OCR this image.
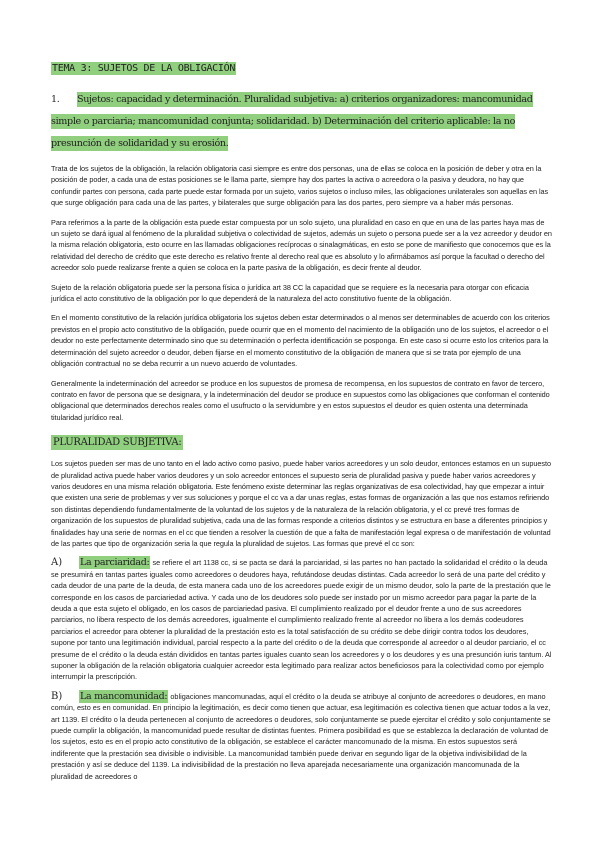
TEMA 3: SUJETOS DE LA OBLIGACIÓN
1. Sujetos: capacidad y determinación. Pluralidad subjetiva: a) criterios organizadores: mancomunidad simple o parciaria; mancomunidad conjunta; solidaridad. b) Determinación del criterio aplicable: la no presunción de solidaridad y su erosión.

Trata de los sujetos de la obligación, la relación obligatoria casi siempre es entre dos personas, una de ellas se coloca en la posición de deber y otra en la posición de poder, a cada una de estas posiciones se le llama parte, siempre hay dos partes la activa o acreedora o la pasiva y deudora, no hay que confundir partes con persona, cada parte puede estar formada por un sujeto, varios sujetos o incluso miles, las obligaciones unilaterales son aquellas en las que surge obligación para cada una de las partes, y bilaterales que surge obligación para las dos partes, pero siempre va a haber más personas.

Para referirnos a la parte de la obligación esta puede estar compuesta por un solo sujeto, una pluralidad en caso en que en una de las partes haya mas de un sujeto se dará igual al fenómeno de la pluralidad subjetiva o colectividad de sujetos, además un sujeto o persona puede ser a la vez acreedor y deudor en la misma relación obligatoria, esto ocurre en las llamadas obligaciones recíprocas o sinalagmáticas, en esto se pone de manifiesto que conocemos que es la relatividad del derecho de crédito que este derecho es relativo frente al derecho real que es absoluto y lo afirmábamos así porque la facultad o derecho del acreedor solo puede realizarse frente a quien se coloca en la parte pasiva de la obligación, es decir frente al deudor.

Sujeto de la relación obligatoria puede ser la persona física o jurídica art 38 CC la capacidad que se requiere es la necesaria para otorgar con eficacia jurídica el acto constitutivo de la obligación por lo que dependerá de la naturaleza del acto constitutivo fuente de la obligación.

En el momento constitutivo de la relación jurídica obligatoria los sujetos deben estar determinados o al menos ser determinables de acuerdo con los criterios previstos en el propio acto constitutivo de la obligación, puede ocurrir que en el momento del nacimiento de la obligación uno de los sujetos, el acreedor o el deudor no este perfectamente determinado sino que su determinación o perfecta identificación se posponga. En este caso si ocurre esto los criterios para la determinación del sujeto acreedor o deudor, deben fijarse en el momento constitutivo de la obligación de manera que si se trata por ejemplo de una obligación contractual no se deba recurrir a un nuevo acuerdo de voluntades.

Generalmente la indeterminación del acreedor se produce en los supuestos de promesa de recompensa, en los supuestos de contrato en favor de tercero, contrato en favor de persona que se designara, y la indeterminación del deudor se produce en supuestos como las obligaciones que conforman el contenido obligacional que determinados derechos reales como el usufructo o la servidumbre y en estos supuestos el deudor es quien ostenta una determinada titularidad jurídico real.

PLURALIDAD SUBJETIVA:

Los sujetos pueden ser mas de uno tanto en el lado activo como pasivo, puede haber varios acreedores y un solo deudor, entonces estamos en un supuesto de pluralidad activa puede haber varios deudores y un solo acreedor entonces el supuesto seria de pluralidad pasiva y puede haber varios acreedores y varios deudores en una misma relación obligatoria. Este fenómeno existe determinar las reglas organizativas de esa colectividad, hay que empezar a intuir que existen una serie de problemas y ver sus soluciones y porque el cc va a dar unas reglas, estas formas de organización a las que nos estamos refiriendo son distintas dependiendo fundamentalmente de la voluntad de los sujetos y de la naturaleza de la relación obligatoria, y el cc prevé tres formas de organización de los supuestos de pluralidad subjetiva, cada una de las formas responde a criterios distintos y se estructura en base a diferentes principios y finalidades hay una serie de normas en el cc que tienden a resolver la cuestión de que a falta de manifestación legal expresa o de manifestación de voluntad de las partes que tipo de organización seria la que regula la pluralidad de sujetos. Las formas que prevé el cc son:

A) La parciaridad: se refiere el art 1138 cc, si se pacta se dará la parciaridad, si las partes no han pactado la solidaridad el crédito o la deuda se presumirá en tantas partes iguales como acreedores o deudores haya, refutándose deudas distintas. Cada acreedor lo será de una parte del crédito y cada deudor de una parte de la deuda, de esta manera cada uno de los acreedores puede exigir de un mismo deudor, solo la parte de la prestación que le corresponde en los casos de parciariedad activa. Y cada uno de los deudores solo puede ser instado por un mismo acreedor para pagar la parte de la deuda a que esta sujeto el obligado, en los casos de parciariedad pasiva. El cumplimiento realizado por el deudor frente a uno de sus acreedores parciarios, no libera respecto de los demás acreedores, igualmente el cumplimiento realizado frente al acreedor no libera a los demás codeudores parciarios el acreedor para obtener la pluralidad de la prestación esto es la total satisfacción de su crédito se debe dirigir contra todos los deudores, supone por tanto una legitimación individual, parcial respecto a la parte del crédito o de la deuda que corresponde al acreedor o al deudor parciario, el cc presume de el crédito o la deuda están divididos en tantas partes iguales cuanto sean los acreedores y o los deudores y es una presunción iuris tantum. Al suponer la obligación de la relación obligatoria cualquier acreedor esta legitimado para realizar actos beneficiosos para la colectividad como por ejemplo interrumpir la prescripción.
B) La mancomunidad: obligaciones mancomunadas, aquí el crédito o la deuda se atribuye al conjunto de acreedores o deudores, en mano común, esto es en comunidad. En principio la legitimación, es decir como tienen que actuar, esa legitimación es colectiva tienen que actuar todos a la vez, art 1139. El crédito o la deuda pertenecen al conjunto de acreedores o deudores, solo conjuntamente se puede ejercitar el crédito y solo conjuntamente se puede cumplir la obligación, la mancomunidad puede resultar de distintas fuentes. Primera posibilidad es que se establezca la declaración de voluntad de los sujetos, esto es en el propio acto constitutivo de la obligación, se establece el carácter mancomunado de la misma. En estos supuestos será indiferente que la prestación sea divisible o indivisible. La mancomunidad también puede derivar en segundo ligar de la objetiva indivisibilidad de la prestación y así se deduce del 1139. La indivisibilidad de la prestación no lleva aparejada necesariamente una organización mancomunada de la pluralidad de acreedores o
